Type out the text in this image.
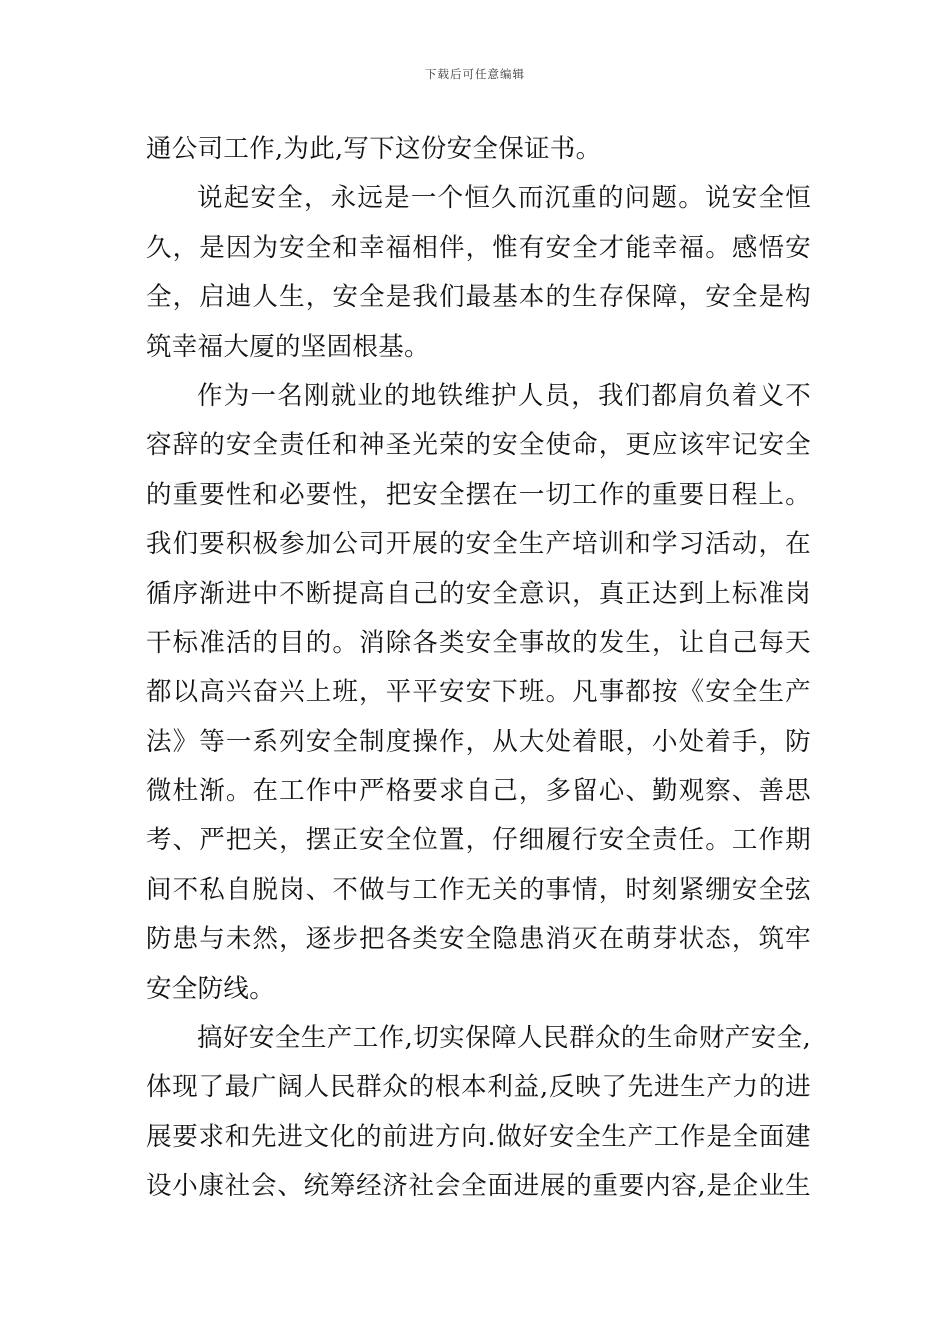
下载后可任意编辑
通公司工作,为此,写下这份安全保证书。
说起安全，永远是一个恒久而沉重的问题。说安全恒
久，是因为安全和幸福相伴，惟有安全才能幸福。感悟安
全，启迪人生，安全是我们最基本的生存保障，安全是构
筑幸福大厦的坚固根基。
作为一名刚就业的地铁维护人员，我们都肩负着义不
容辞的安全责任和神圣光荣的安全使命，更应该牢记安全
的重要性和必要性，把安全摆在一切工作的重要日程上。
我们要积极参加公司开展的安全生产培训和学习活动，在
循序渐进中不断提高自己的安全意识，真正达到上标准岗
干标准活的目的。消除各类安全事故的发生，让自己每天
都以高兴奋兴上班，平平安安下班。凡事都按《安全生产
法》等一系列安全制度操作，从大处着眼，小处着手，防
微杜渐。在工作中严格要求自己，多留心、勤观察、善思
考、严把关，摆正安全位置，仔细履行安全责任。工作期
间不私自脱岗、不做与工作无关的事情，时刻紧绷安全弦
防患与未然，逐步把各类安全隐患消灭在萌芽状态，筑牢
安全防线。
搞好安全生产工作,切实保障人民群众的生命财产安全,
体现了最广阔人民群众的根本利益,反映了先进生产力的进
展要求和先进文化的前进方向.做好安全生产工作是全面建
设小康社会、统筹经济社会全面进展的重要内容,是企业生
